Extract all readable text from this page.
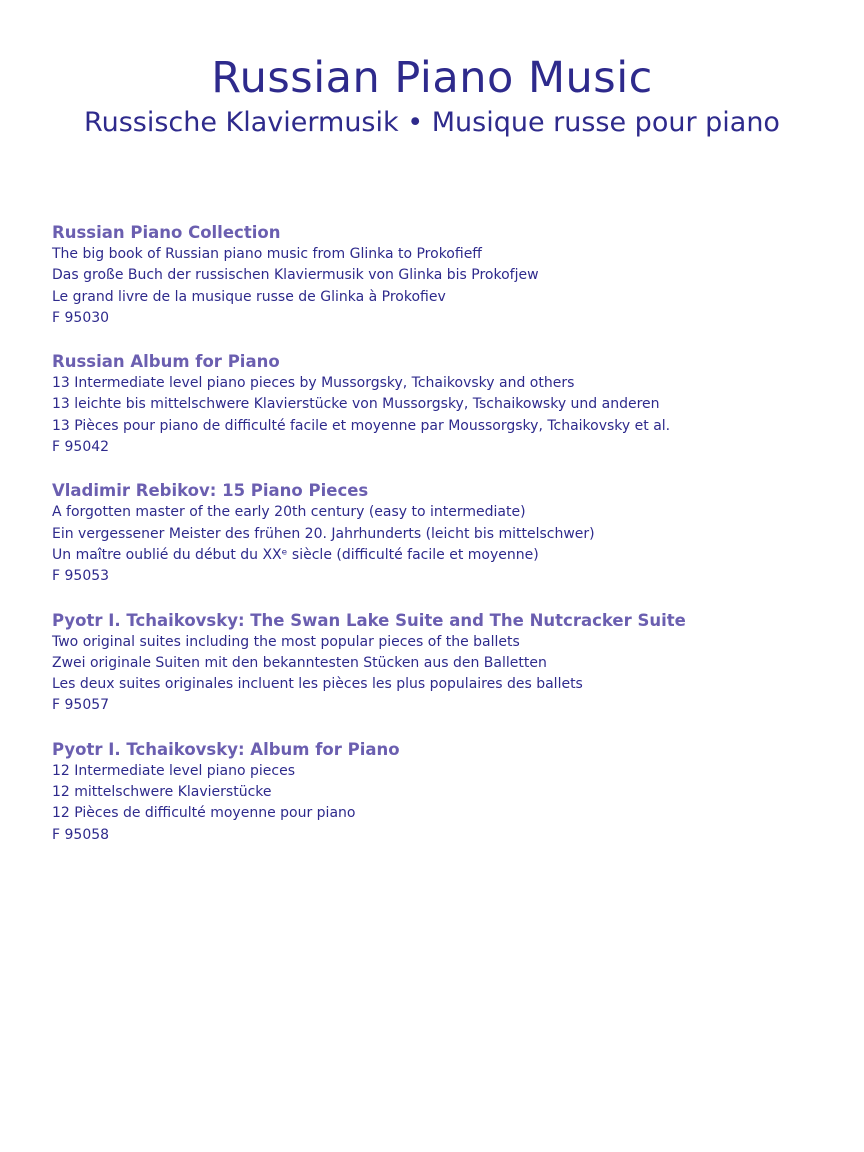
Russian Piano Music
Russische Klaviermusik • Musique russe pour piano

Russian Piano Collection

The big book of Russian piano music from Glinka to Prokofieff

Das große Buch der russischen Klaviermusik von Glinka bis Prokofjew

Le grand livre de la musique russe de Glinka à Prokofiev

F 95030

Russian Album for Piano

13 Intermediate level piano pieces by Mussorgsky, Tchaikovsky and others

13 leichte bis mittelschwere Klavierstücke von Mussorgsky, Tschaikowsky und anderen

13 Pièces pour piano de difficulté facile et moyenne par Moussorgsky, Tchaikovsky et al.

F 95042

Vladimir Rebikov: 15 Piano Pieces

A forgotten master of the early 20th century (easy to intermediate)

Ein vergessener Meister des frühen 20. Jahrhunderts (leicht bis mittelschwer)

Un maître oublié du début du XXᵉ siècle (difficulté facile et moyenne)

F 95053

Pyotr I. Tchaikovsky: The Swan Lake Suite and The Nutcracker Suite

Two original suites including the most popular pieces of the ballets

Zwei originale Suiten mit den bekanntesten Stücken aus den Balletten

Les deux suites originales incluent les pièces les plus populaires des ballets

F 95057

Pyotr I. Tchaikovsky: Album for Piano

12 Intermediate level piano pieces

12 mittelschwere Klavierstücke

12 Pièces de difficulté moyenne pour piano

F 95058
